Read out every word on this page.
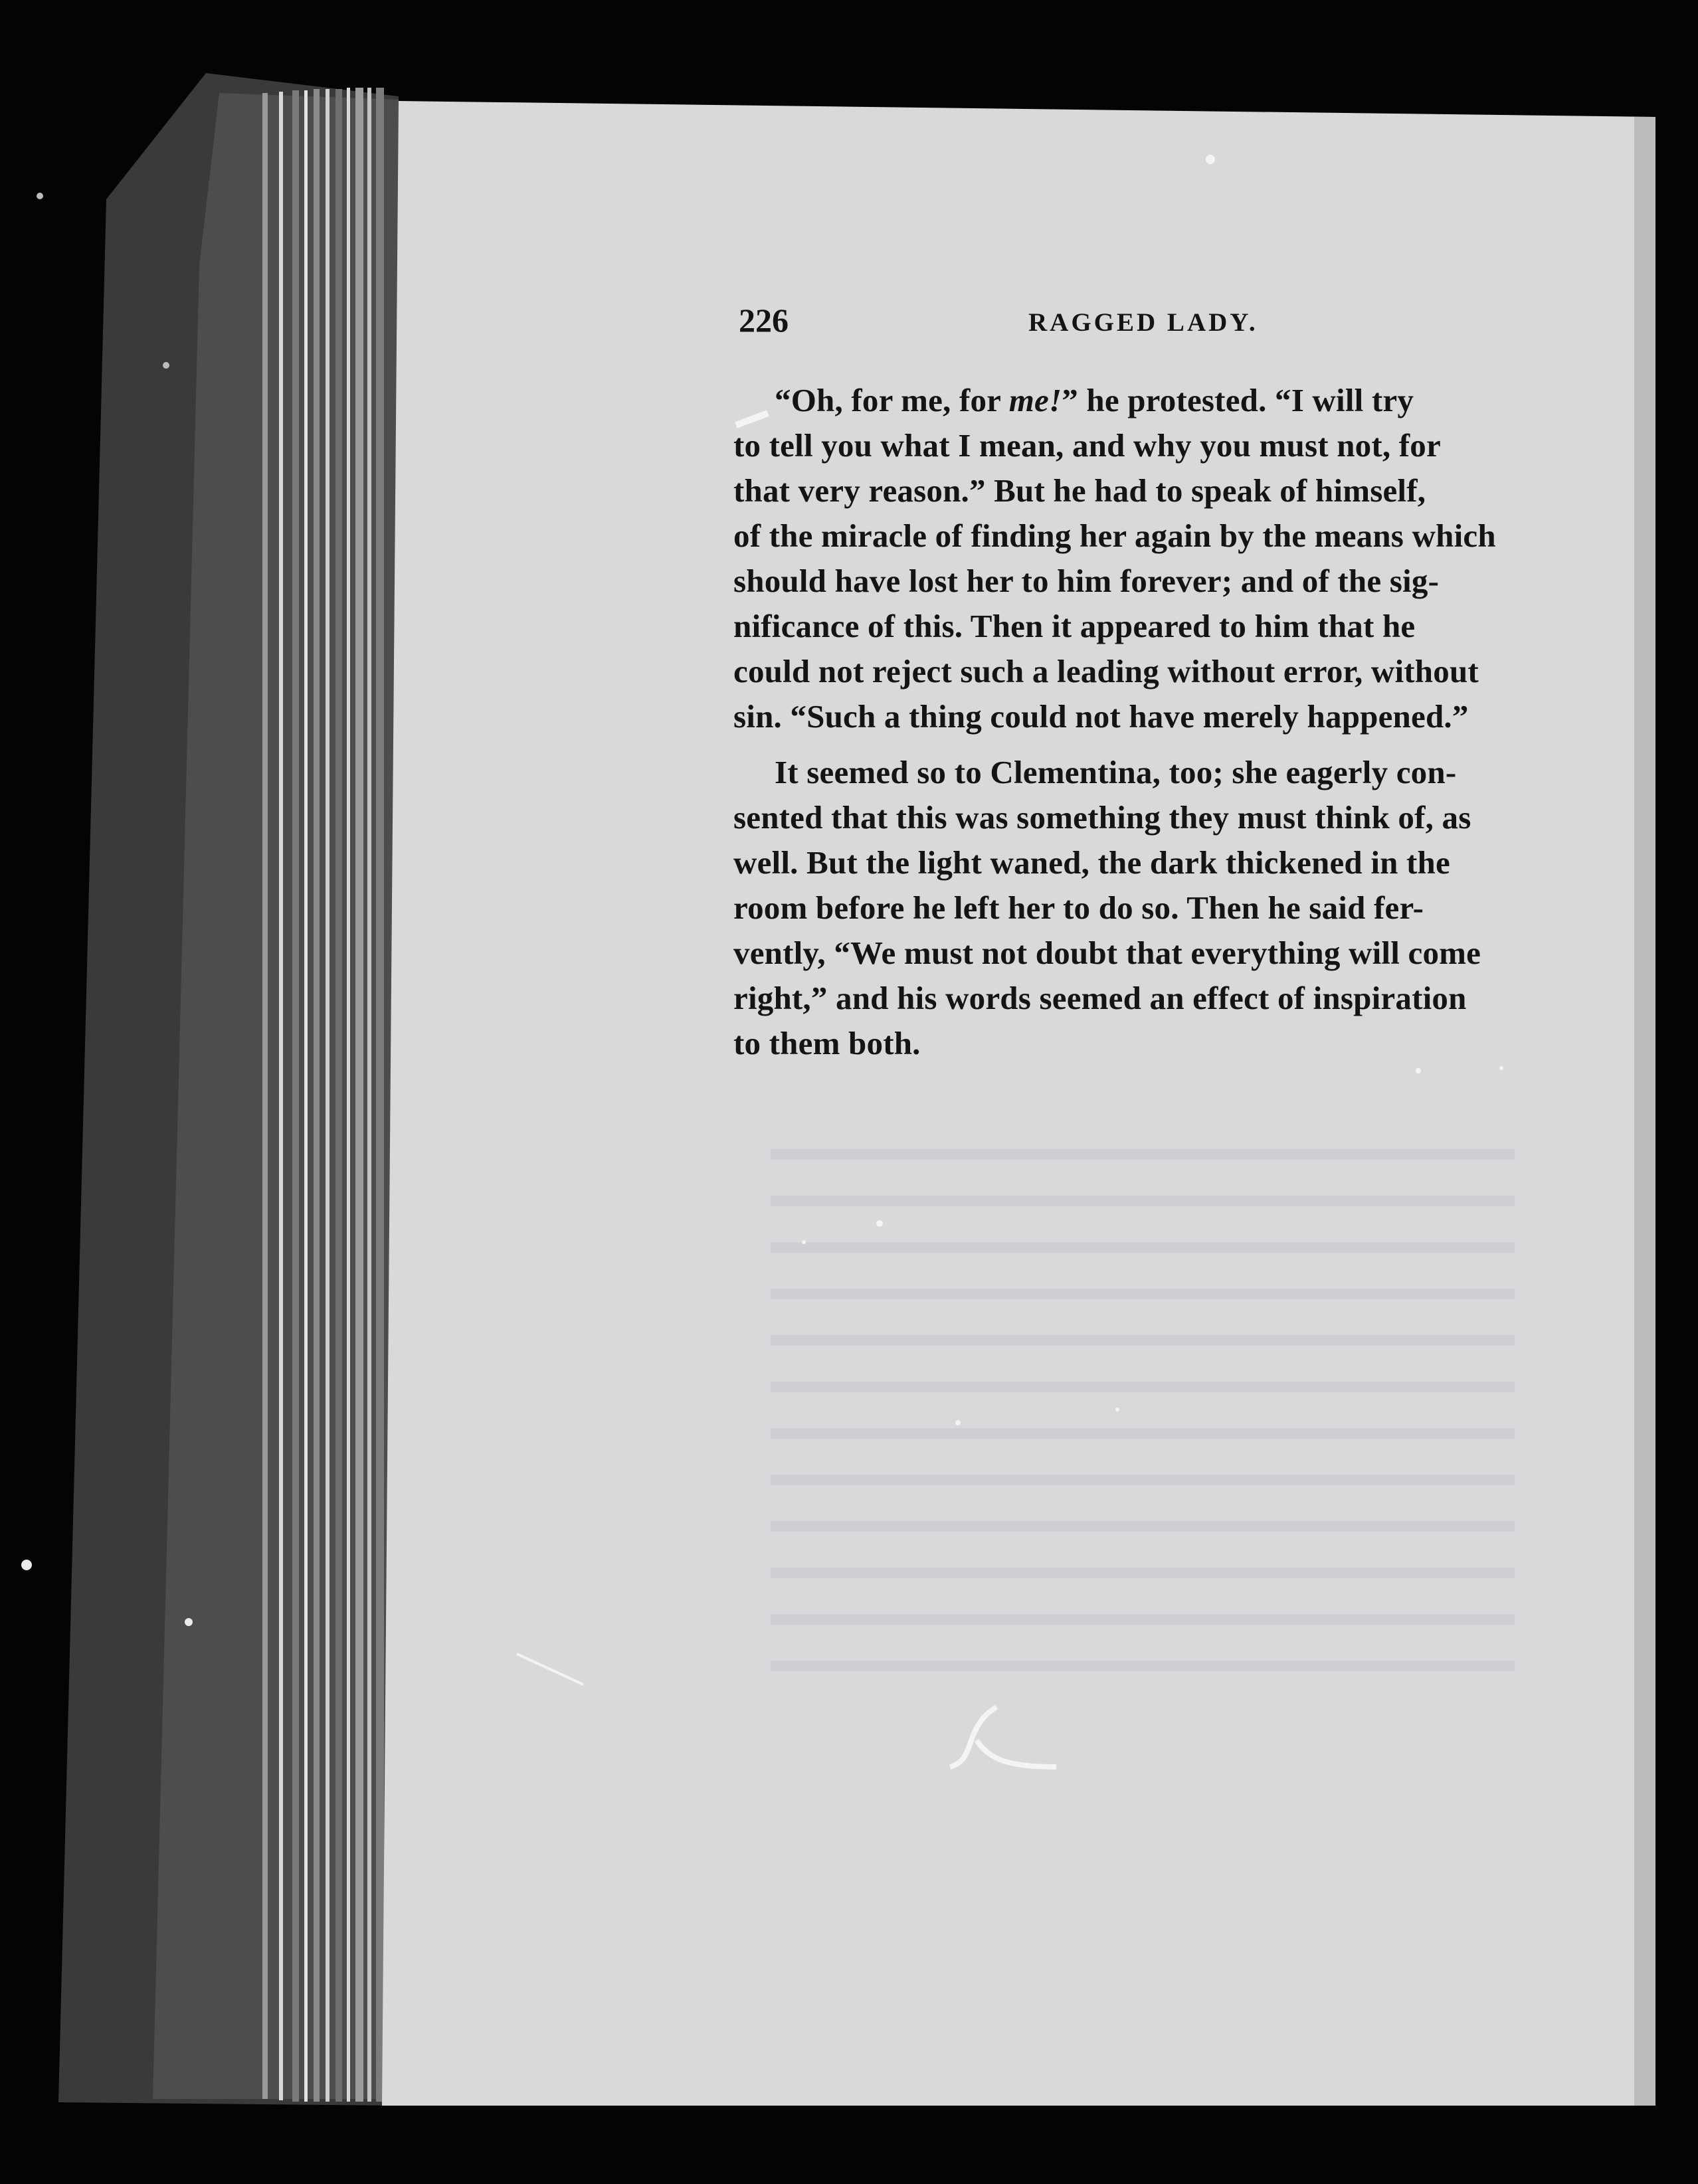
226	RAGGED LADY.
“Oh, for me, for me!” he protested. “I will try
to tell you what I mean, and why you must not, for
that very reason.” But he had to speak of himself,
of the miracle of finding her again by the means which
should have lost her to him forever; and of the sig-
nificance of this. Then it appeared to him that he
could not reject such a leading without error, without
sin. “Such a thing could not have merely happened.”
It seemed so to Clementina, too; she eagerly con-
sented that this was something they must think of, as
well. But the light waned, the dark thickened in the
room before he left her to do so. Then he said fer-
vently, “We must not doubt that everything will come
right,” and his words seemed an effect of inspiration
to them both.
